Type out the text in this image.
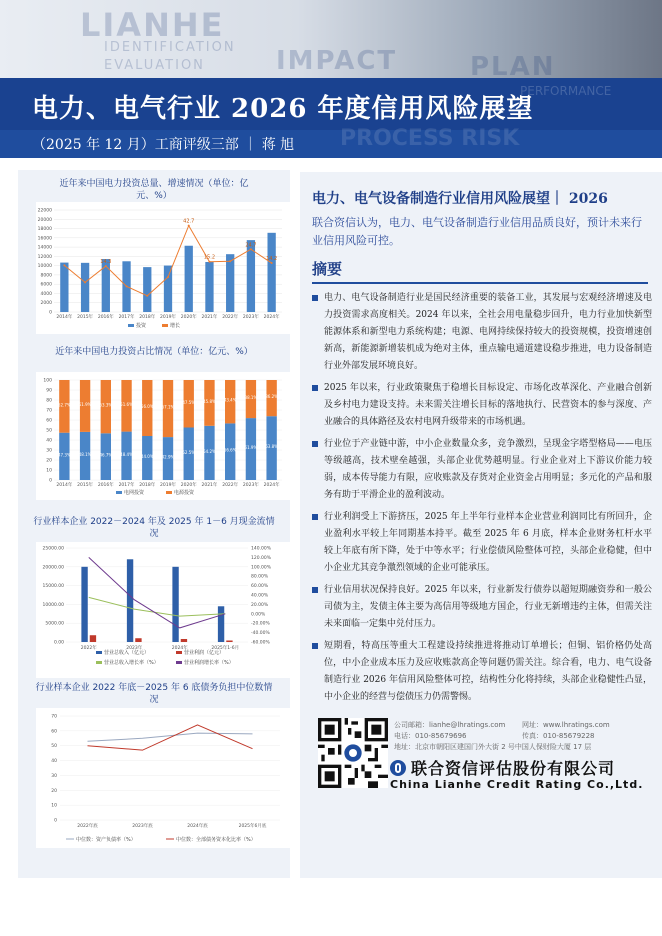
LIANHE
IDENTIFICATION
EVALUATION	IMPACT	PLAN
PERFORMANCE
PROCESS RISK
电力、电气行业 2026 年度信用风险展望
（2025 年 12 月）工商评级三部 ｜ 蒋 旭
近年来中国电力投资总量、增速情况（单位：亿元、%）
0
2000
4000
6000
8000
10000
12000
14000
16000
18000
20000
22000
2014年 2015年 2016年 2017年 2018年 2019年 2020年 2021年 2022年 2023年 2024年
14.3
15.2
24.7
14.2
42.7
投资	增长
近年来中国电力投资占比情况（单位：亿元、%）
0
10
20
30
40
50
60
70
80
90
100
47.3%
52.7%
2014年
48.1%
51.9%
2015年
46.7%
53.3%
2016年
48.4%
51.6%
2017年
44.0%
56.0%
2018年
42.9%
57.1%
2019年
52.5%
47.5%
2020年
54.2%
45.8%
2021年
56.6%
43.4%
2022年
61.9%
38.1%
2023年
63.8%
36.2%
2024年
电网投资	电源投资
行业样本企业 2022－2024 年及 2025 年 1－6 月现金流情况
0.00
5000.00
10000.00
15000.00
20000.00
25000.00
-60.00%
-40.00%
-20.00%
0.00%
20.00%
40.00%
60.00%
80.00%
100.00%
120.00%
140.00%
2022年	2023年	2024年	2025年1-6月
营业总收入（亿元）	营业利润（亿元）
营业总收入增长率（%）	营业利润增长率（%）
行业样本企业 2022 年底－2025 年 6 底债务负担中位数情况
0
10
20
30
40
50
60
70
2022年底	2023年底	2024年底	2025年6月底
中位数：资产负债率（%）	中位数：全部债务资本化比率（%）
电力、电气设备制造行业信用风险展望｜ 2026
联合资信认为，电力、电气设备制造行业信用品质良好，预计未来行业信用风险可控。
摘要
电力、电气设备制造行业是国民经济重要的装备工业，其发展与宏观经济增速及电力投资需求高度相关。2024 年以来，全社会用电量稳步回升，电力行业加快新型能源体系和新型电力系统构建；电源、电网持续保持较大的投资规模，投资增速创新高，新能源新增装机成为绝对主体，重点输电通道建设稳步推进，电力设备制造行业外部发展环境良好。
2025 年以来，行业政策聚焦于稳增长目标设定、市场化改革深化、产业融合创新及乡村电力建设支持。未来需关注增长目标的落地执行、民营资本的参与深度、产业融合的具体路径及农村电网升级带来的市场机遇。
行业位于产业链中游，中小企业数量众多，竞争激烈，呈现金字塔型格局——电压等级越高，技术壁垒越强，头部企业优势越明显。行业企业对上下游议价能力较弱，成本传导能力有限，应收账款及存货对企业资金占用明显；多元化的产品和服务有助于平滑企业的盈利波动。
行业利润受上下游挤压，2025 年上半年行业样本企业营业利润同比有所回升，企业盈利水平较上年同期基本持平。截至 2025 年 6 月底，样本企业财务杠杆水平较上年底有所下降，处于中等水平；行业偿债风险整体可控，头部企业稳健，但中小企业尤其竞争激烈领域的企业可能承压。
行业信用状况保持良好。2025 年以来，行业新发行债券以超短期融资券和一般公司债为主，发债主体主要为高信用等级地方国企，行业无新增违约主体，但需关注未来面临一定集中兑付压力。
短期看，特高压等重大工程建设持续推进将推动订单增长；但铜、铝价格仍处高位，中小企业成本压力及应收账款高企等问题仍需关注。综合看，电力、电气设备制造行业 2026 年信用风险整体可控，结构性分化将持续，头部企业稳健性凸显，中小企业的经营与偿债压力仍需警惕。
公司邮箱：lianhe@lhratings.com 网址：www.lhratings.com
电话：010-85679696	传真：010-85679228
地址：北京市朝阳区建国门外大街 2 号中国人保财险大厦 17 层
联合资信评估股份有限公司
China Lianhe Credit Rating Co.,Ltd.
